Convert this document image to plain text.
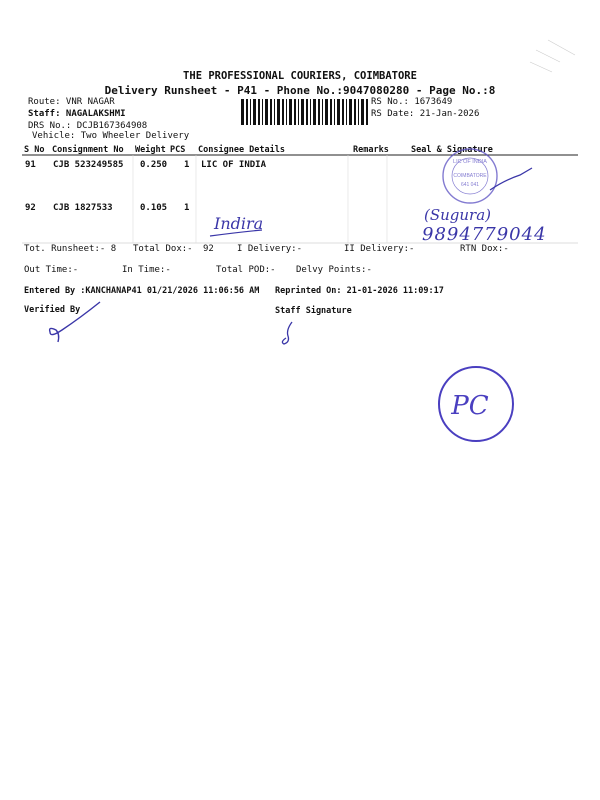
THE PROFESSIONAL COURIERS, COIMBATORE
Delivery Runsheet - P41 - Phone No.:9047080280 - Page No.:8
Route: VNR NAGAR
Staff: NAGALAKSHMI
DRS No.: DCJB167364908
Vehicle: Two Wheeler Delivery
RS No.: 1673649
RS Date: 21-Jan-2026
S No Consignment No Weight PCS Consignee Details	Remarks	Seal & Signature
91 CJB 523249585 0.250 1 LIC OF INDIA
92 CJB 1827533	0.105 1
Tot. Runsheet:- 8 Total Dox:- 92	I Delivery:-	II Delivery:-	RTN Dox:-
Out Time:-	In Time:-	Total POD:- Delvy Points:-
Entered By :KANCHANAP41 01/21/2026 11:06:56 AM Reprinted On: 21-01-2026 11:09:17
Verified By	Staff Signature
Indira	(Sugura)
9894779044
LIC OF INDIA
COIMBATORE
641 041
PC
